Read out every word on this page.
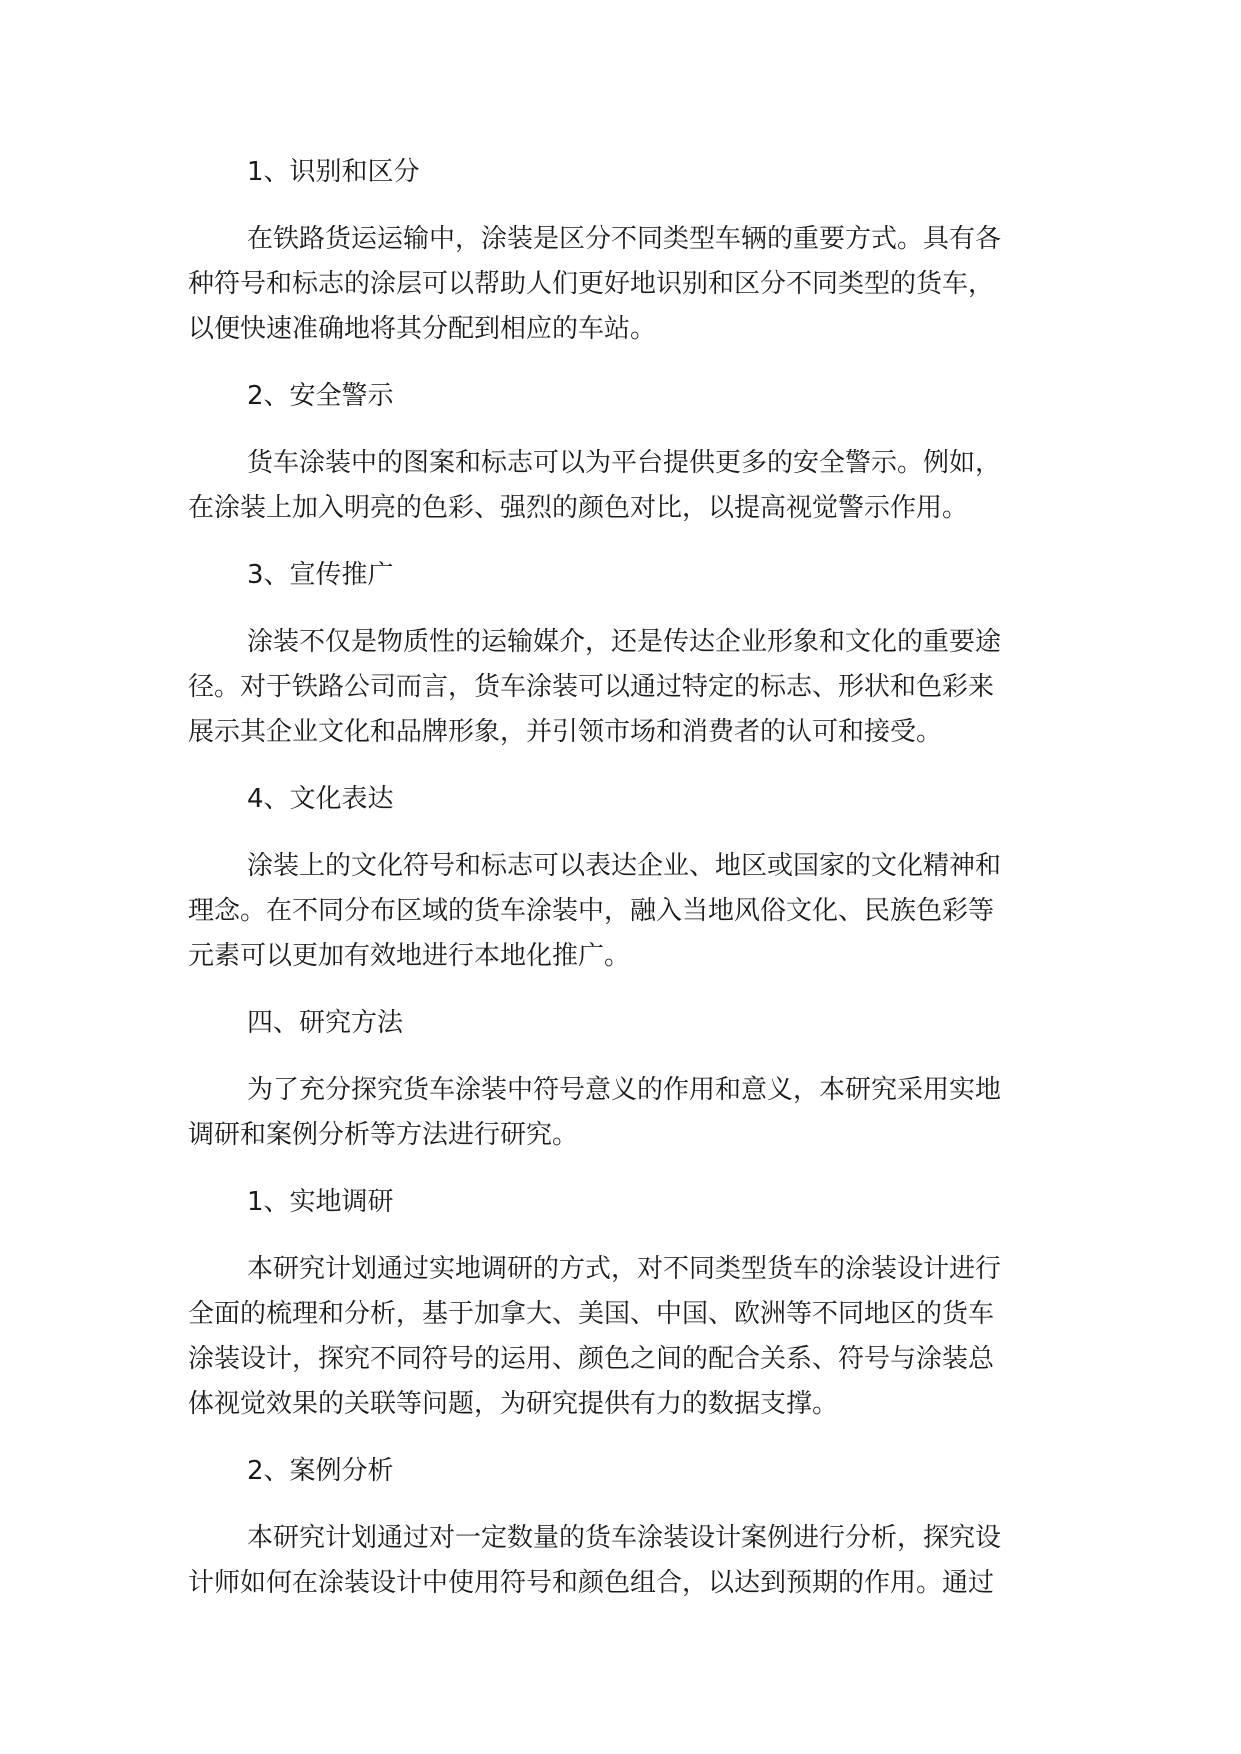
1、识别和区分
在铁路货运运输中，涂装是区分不同类型车辆的重要方式。具有各
种符号和标志的涂层可以帮助人们更好地识别和区分不同类型的货车，
以便快速准确地将其分配到相应的车站。
2、安全警示
货车涂装中的图案和标志可以为平台提供更多的安全警示。例如，
在涂装上加入明亮的色彩、强烈的颜色对比，以提高视觉警示作用。
3、宣传推广
涂装不仅是物质性的运输媒介，还是传达企业形象和文化的重要途
径。对于铁路公司而言，货车涂装可以通过特定的标志、形状和色彩来
展示其企业文化和品牌形象，并引领市场和消费者的认可和接受。
4、文化表达
涂装上的文化符号和标志可以表达企业、地区或国家的文化精神和
理念。在不同分布区域的货车涂装中，融入当地风俗文化、民族色彩等
元素可以更加有效地进行本地化推广。
四、研究方法
为了充分探究货车涂装中符号意义的作用和意义，本研究采用实地
调研和案例分析等方法进行研究。
1、实地调研
本研究计划通过实地调研的方式，对不同类型货车的涂装设计进行
全面的梳理和分析，基于加拿大、美国、中国、欧洲等不同地区的货车
涂装设计，探究不同符号的运用、颜色之间的配合关系、符号与涂装总
体视觉效果的关联等问题，为研究提供有力的数据支撑。
2、案例分析
本研究计划通过对一定数量的货车涂装设计案例进行分析，探究设
计师如何在涂装设计中使用符号和颜色组合，以达到预期的作用。通过
